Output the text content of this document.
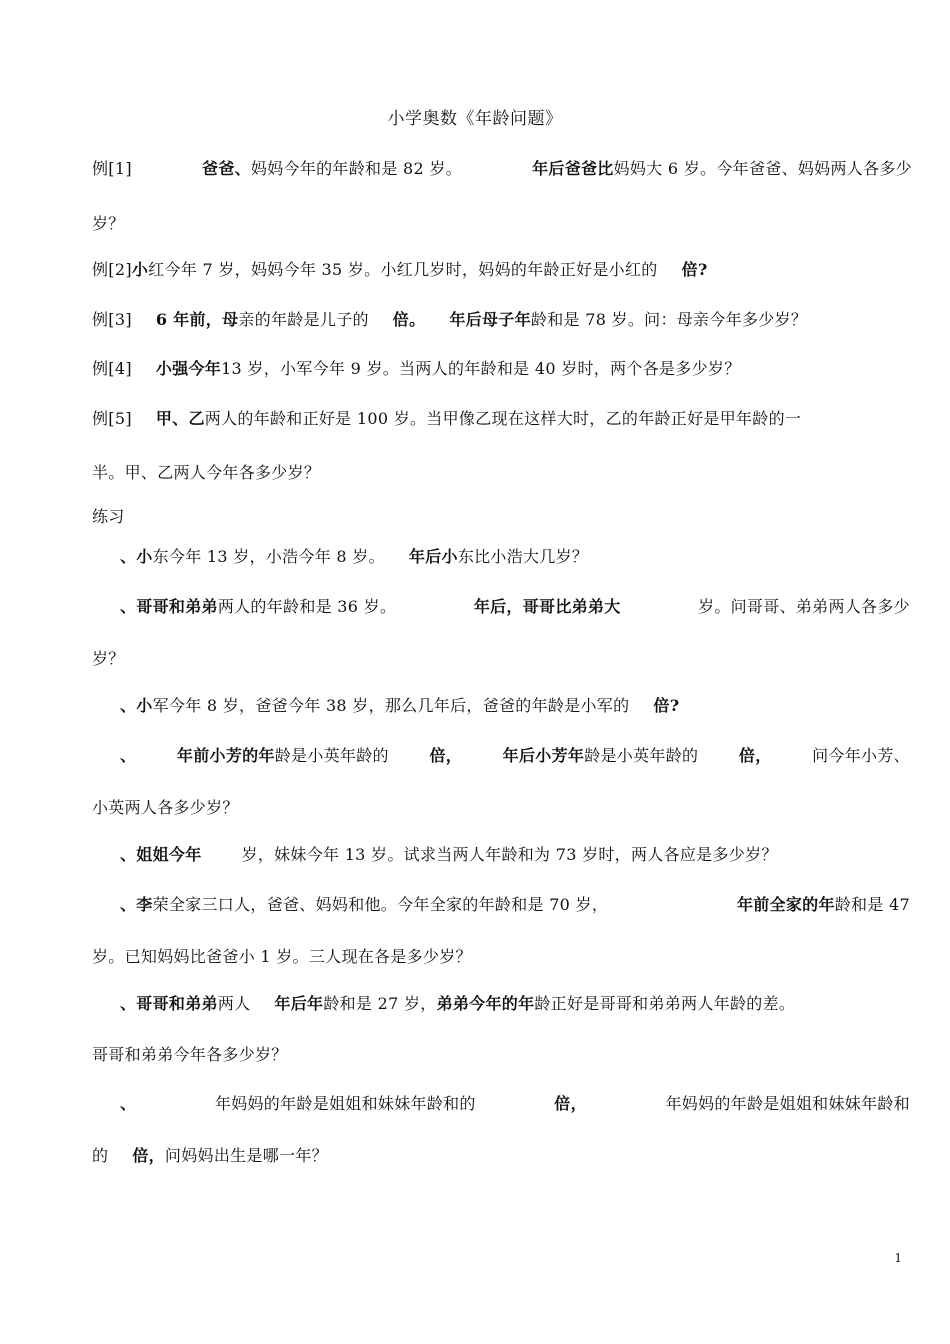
小学奥数《年龄问题》
例[1]	爸爸、妈妈今年的年龄和是 82 岁。	年后爸爸比妈妈大 6 岁。今年爸爸、妈妈两人各多少
岁？
例[2]小红今年 7 岁，妈妈今年 35 岁。小红几岁时，妈妈的年龄正好是小红的 倍?
例[3] 6 年前，母亲的年龄是儿子的 倍。 年后母子年龄和是 78 岁。问：母亲今年多少岁？
例[4] 小强今年13 岁，小军今年 9 岁。当两人的年龄和是 40 岁时，两个各是多少岁？
例[5] 甲、乙两人的年龄和正好是 100 岁。当甲像乙现在这样大时，乙的年龄正好是甲年龄的一
半。甲、乙两人今年各多少岁？
练习
、小东今年 13 岁，小浩今年 8 岁。 年后小东比小浩大几岁？
、哥哥和弟弟两人的年龄和是 36 岁。	年后，哥哥比弟弟大	岁。问哥哥、弟弟两人各多少
岁？
、小军今年 8 岁，爸爸今年 38 岁，那么几年后，爸爸的年龄是小军的 倍?
、	年前小芳的年龄是小英年龄的	倍，	年后小芳年龄是小英年龄的	倍，	问今年小芳、
小英两人各多少岁？
、姐姐今年	岁，妹妹今年 13 岁。试求当两人年龄和为 73 岁时，两人各应是多少岁？
、李荣全家三口人，爸爸、妈妈和他。今年全家的年龄和是 70 岁，	年前全家的年龄和是 47
岁。已知妈妈比爸爸小 1 岁。三人现在各是多少岁？
、哥哥和弟弟两人 年后年龄和是 27 岁，弟弟今年的年龄正好是哥哥和弟弟两人年龄的差。
哥哥和弟弟今年各多少岁？
、	年妈妈的年龄是姐姐和妹妹年龄和的	倍，	年妈妈的年龄是姐姐和妹妹年龄和
的 倍，问妈妈出生是哪一年？
1
